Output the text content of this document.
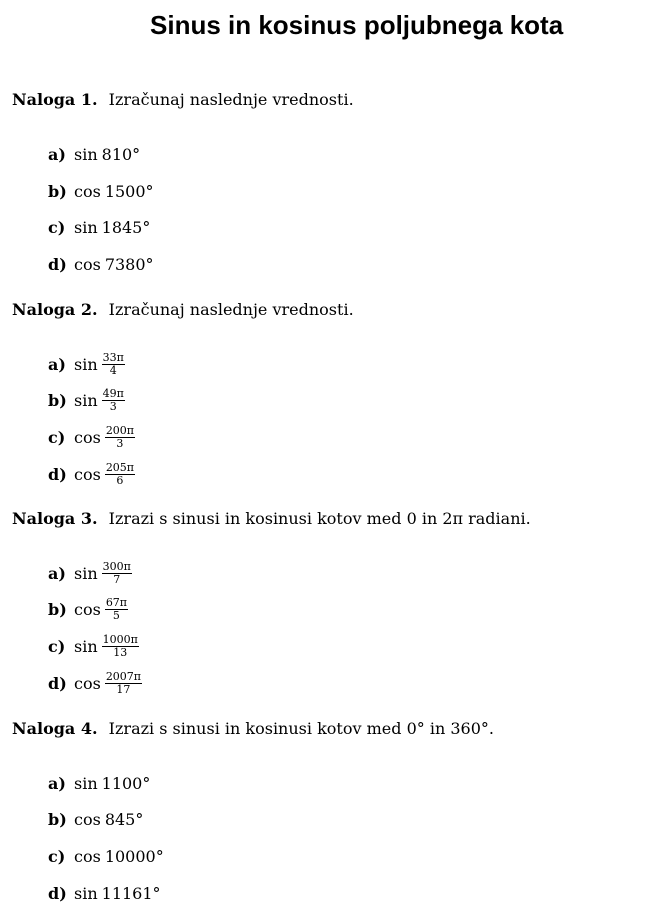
Sinus in kosinus poljubnega kota
Naloga 1. Izračunaj naslednje vrednosti.
a) sin 810°
b) cos 1500°
c) sin 1845°
d) cos 7380°
Naloga 2. Izračunaj naslednje vrednosti.
a) $\sin \frac{33\pi}{4}$
b) $\sin \frac{49\pi}{3}$
c) $\cos \frac{200\pi}{3}$
d) $\cos \frac{205\pi}{6}$
Naloga 3. Izrazi s sinusi in kosinusi kotov med 0 in 2π radiani.
a) $\sin \frac{300\pi}{7}$
b) $\cos \frac{67\pi}{5}$
c) $\sin \frac{1000\pi}{13}$
d) $\cos \frac{2007\pi}{17}$
Naloga 4. Izrazi s sinusi in kosinusi kotov med 0° in 360°.
a) sin 1100°
b) cos 845°
c) cos 10000°
d) sin 11161°
